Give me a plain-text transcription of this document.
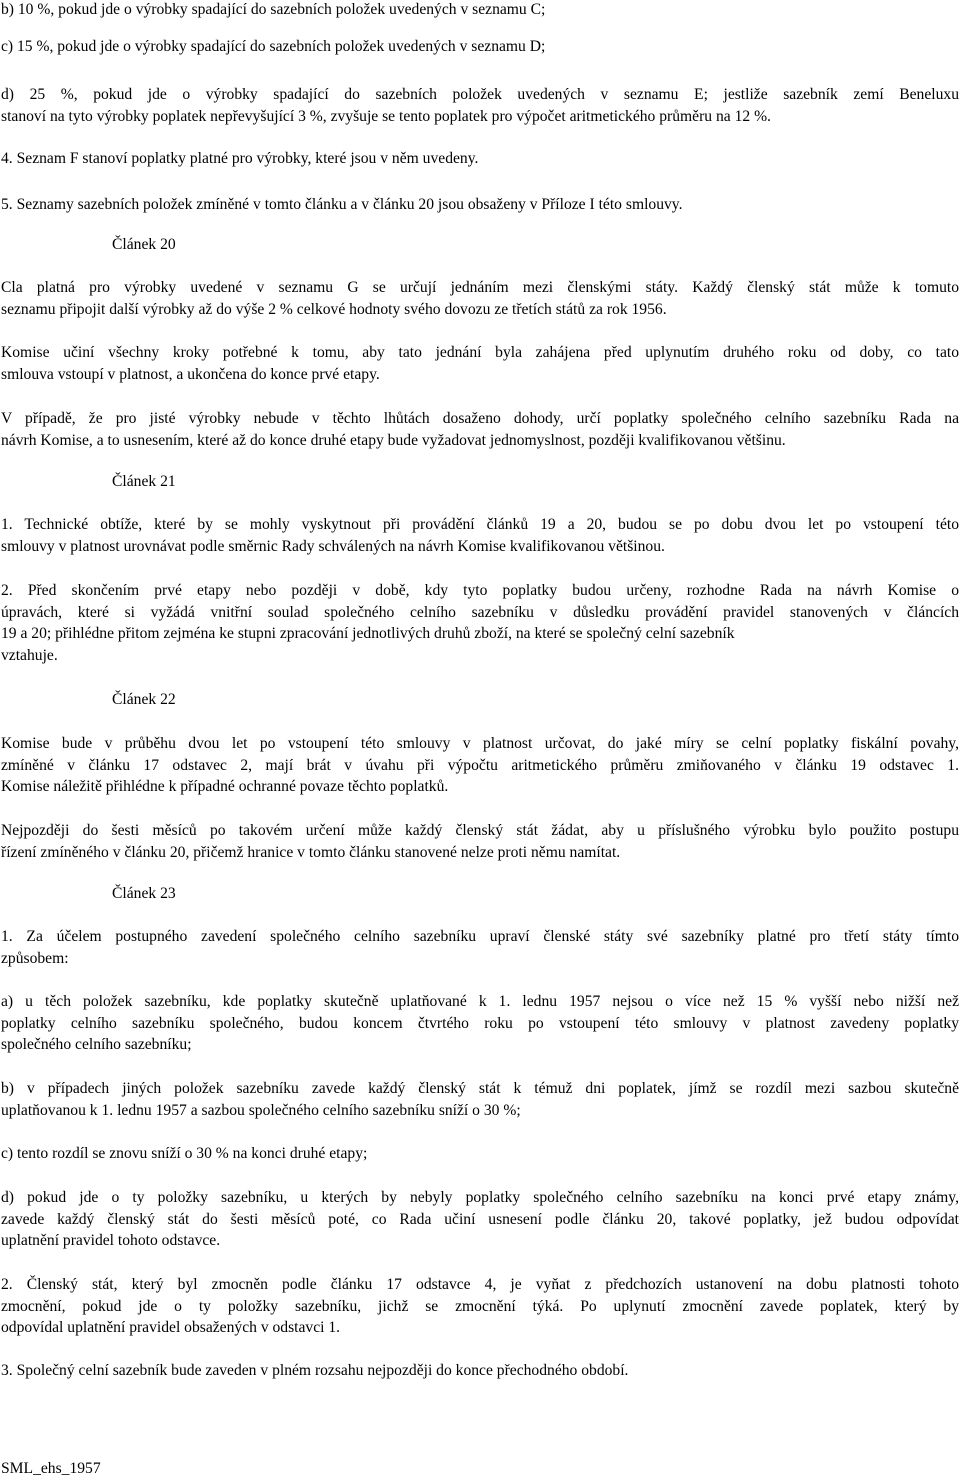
b) 10 %, pokud jde o výrobky spadající do sazebních položek uvedených v seznamu C;
c) 15 %, pokud jde o výrobky spadající do sazebních položek uvedených v seznamu D;
d) 25 %, pokud jde o výrobky spadající do sazebních položek uvedených v seznamu E; jestliže sazebník zemí Beneluxu
stanoví na tyto výrobky poplatek nepřevyšující 3 %, zvyšuje se tento poplatek pro výpočet aritmetického průměru na 12 %.
4. Seznam F stanoví poplatky platné pro výrobky, které jsou v něm uvedeny.
5. Seznamy sazebních položek zmíněné v tomto článku a v článku 20 jsou obsaženy v Příloze I této smlouvy.

Článek 20

Cla platná pro výrobky uvedené v seznamu G se určují jednáním mezi členskými státy. Každý členský stát může k tomuto
seznamu připojit další výrobky až do výše 2 % celkové hodnoty svého dovozu ze třetích států za rok 1956.
Komise učiní všechny kroky potřebné k tomu, aby tato jednání byla zahájena před uplynutím druhého roku od doby, co tato
smlouva vstoupí v platnost, a ukončena do konce prvé etapy.
V případě, že pro jisté výrobky nebude v těchto lhůtách dosaženo dohody, určí poplatky společného celního sazebníku Rada na
návrh Komise, a to usnesením, které až do konce druhé etapy bude vyžadovat jednomyslnost, později kvalifikovanou většinu.

Článek 21

1. Technické obtíže, které by se mohly vyskytnout při provádění článků 19 a 20, budou se po dobu dvou let po vstoupení této
smlouvy v platnost urovnávat podle směrnic Rady schválených na návrh Komise kvalifikovanou většinou.
2. Před skončením prvé etapy nebo později v době, kdy tyto poplatky budou určeny, rozhodne Rada na návrh Komise o
úpravách, které si vyžádá vnitřní soulad společného celního sazebníku v důsledku provádění pravidel stanovených v článcích
19 a 20; přihlédne přitom zejména ke stupni zpracování jednotlivých druhů zboží, na které se společný celní sazebník
vztahuje.

Článek 22

Komise bude v průběhu dvou let po vstoupení této smlouvy v platnost určovat, do jaké míry se celní poplatky fiskální povahy,
zmíněné v článku 17 odstavec 2, mají brát v úvahu při výpočtu aritmetického průměru zmiňovaného v článku 19 odstavec 1.
Komise náležitě přihlédne k případné ochranné povaze těchto poplatků.
Nejpozději do šesti měsíců po takovém určení může každý členský stát žádat, aby u příslušného výrobku bylo použito postupu
řízení zmíněného v článku 20, přičemž hranice v tomto článku stanovené nelze proti němu namítat.

Článek 23

1. Za účelem postupného zavedení společného celního sazebníku upraví členské státy své sazebníky platné pro třetí státy tímto
způsobem:
a) u těch položek sazebníku, kde poplatky skutečně uplatňované k 1. lednu 1957 nejsou o více než 15 % vyšší nebo nižší než
poplatky celního sazebníku společného, budou koncem čtvrtého roku po vstoupení této smlouvy v platnost zavedeny poplatky
společného celního sazebníku;
b) v případech jiných položek sazebníku zavede každý členský stát k témuž dni poplatek, jímž se rozdíl mezi sazbou skutečně
uplatňovanou k 1. lednu 1957 a sazbou společného celního sazebníku sníží o 30 %;
c) tento rozdíl se znovu sníží o 30 % na konci druhé etapy;
d) pokud jde o ty položky sazebníku, u kterých by nebyly poplatky společného celního sazebníku na konci prvé etapy známy,
zavede každý členský stát do šesti měsíců poté, co Rada učiní usnesení podle článku 20, takové poplatky, jež budou odpovídat
uplatnění pravidel tohoto odstavce.
2. Členský stát, který byl zmocněn podle článku 17 odstavce 4, je vyňat z předchozích ustanovení na dobu platnosti tohoto
zmocnění, pokud jde o ty položky sazebníku, jichž se zmocnění týká. Po uplynutí zmocnění zavede poplatek, který by
odpovídal uplatnění pravidel obsažených v odstavci 1.
3. Společný celní sazebník bude zaveden v plném rozsahu nejpozději do konce přechodného období.

SML_ehs_1957
